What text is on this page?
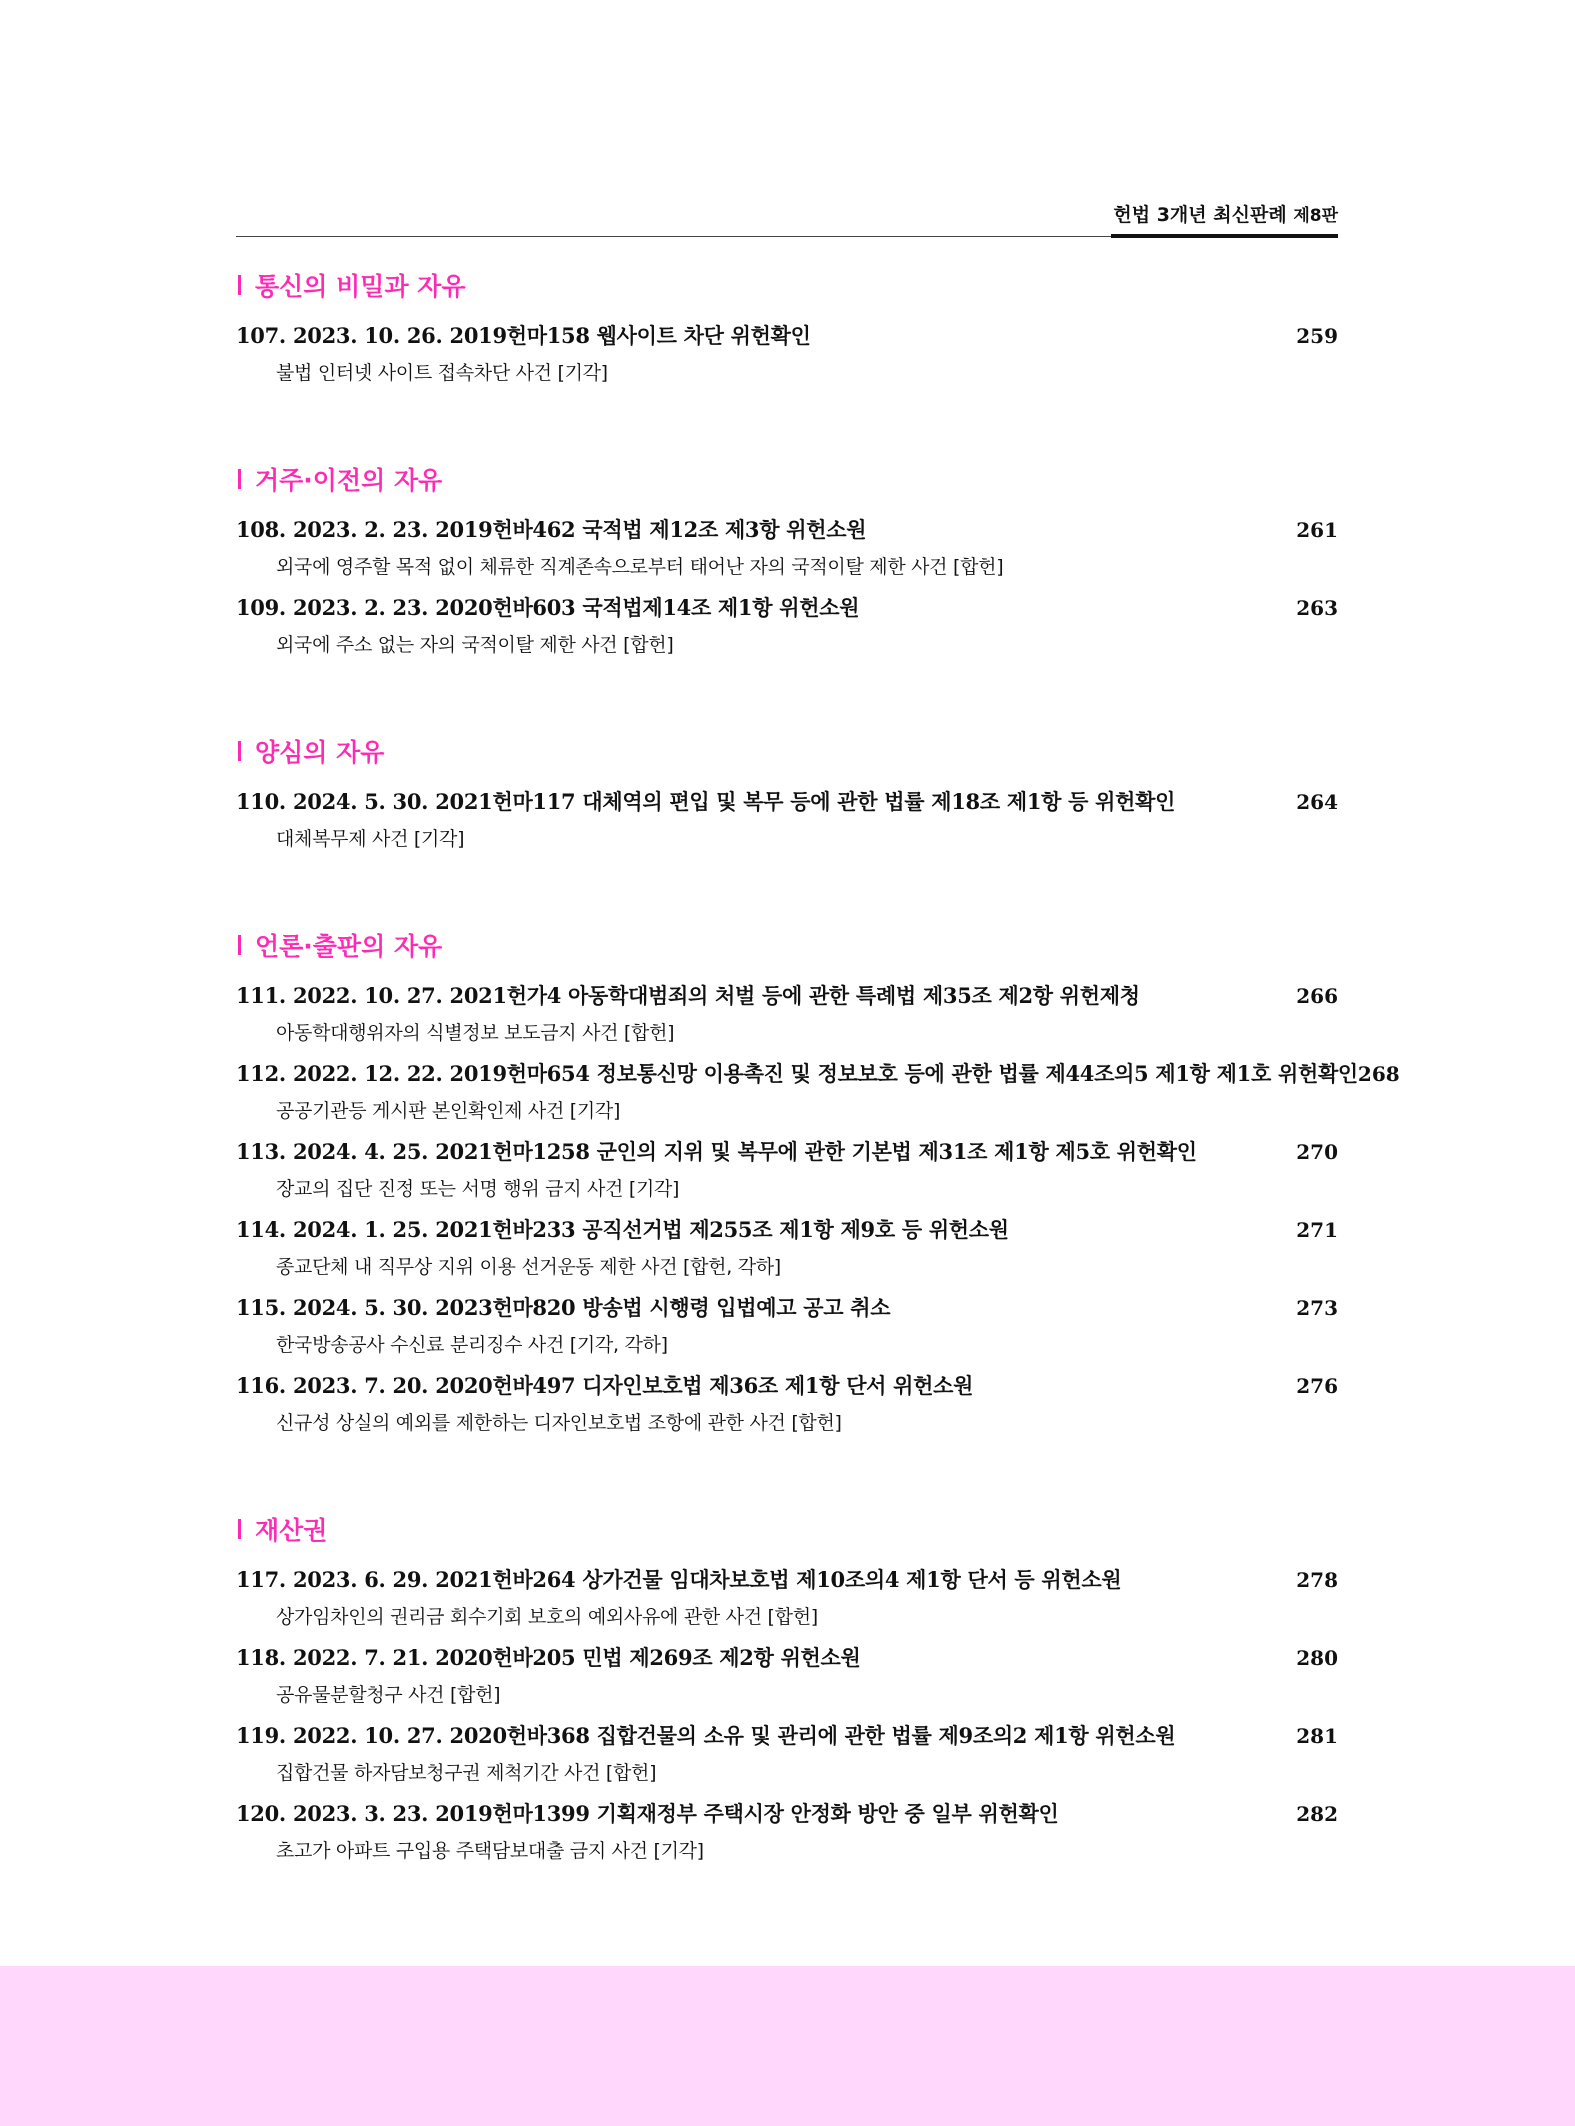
헌법 3개년 최신판례 제8판
통신의 비밀과 자유
107. 2023. 10. 26. 2019헌마158 웹사이트 차단 위헌확인	259
불법 인터넷 사이트 접속차단 사건 [기각]
거주·이전의 자유
108. 2023. 2. 23. 2019헌바462 국적법 제12조 제3항 위헌소원	261
외국에 영주할 목적 없이 체류한 직계존속으로부터 태어난 자의 국적이탈 제한 사건 [합헌]
109. 2023. 2. 23. 2020헌바603 국적법제14조 제1항 위헌소원	263
외국에 주소 없는 자의 국적이탈 제한 사건 [합헌]
양심의 자유
110. 2024. 5. 30. 2021헌마117 대체역의 편입 및 복무 등에 관한 법률 제18조 제1항 등 위헌확인	264
대체복무제 사건 [기각]
언론·출판의 자유
111. 2022. 10. 27. 2021헌가4 아동학대범죄의 처벌 등에 관한 특례법 제35조 제2항 위헌제청	266
아동학대행위자의 식별정보 보도금지 사건 [합헌]
112. 2022. 12. 22. 2019헌마654 정보통신망 이용촉진 및 정보보호 등에 관한 법률 제44조의5 제1항 제1호 위헌확인 268
공공기관등 게시판 본인확인제 사건 [기각]
113. 2024. 4. 25. 2021헌마1258 군인의 지위 및 복무에 관한 기본법 제31조 제1항 제5호 위헌확인	270
장교의 집단 진정 또는 서명 행위 금지 사건 [기각]
114. 2024. 1. 25. 2021헌바233 공직선거법 제255조 제1항 제9호 등 위헌소원	271
종교단체 내 직무상 지위 이용 선거운동 제한 사건 [합헌, 각하]
115. 2024. 5. 30. 2023헌마820 방송법 시행령 입법예고 공고 취소	273
한국방송공사 수신료 분리징수 사건 [기각, 각하]
116. 2023. 7. 20. 2020헌바497 디자인보호법 제36조 제1항 단서 위헌소원	276
신규성 상실의 예외를 제한하는 디자인보호법 조항에 관한 사건 [합헌]
재산권
117. 2023. 6. 29. 2021헌바264 상가건물 임대차보호법 제10조의4 제1항 단서 등 위헌소원	278
상가임차인의 권리금 회수기회 보호의 예외사유에 관한 사건 [합헌]
118. 2022. 7. 21. 2020헌바205 민법 제269조 제2항 위헌소원	280
공유물분할청구 사건 [합헌]
119. 2022. 10. 27. 2020헌바368 집합건물의 소유 및 관리에 관한 법률 제9조의2 제1항 위헌소원	281
집합건물 하자담보청구권 제척기간 사건 [합헌]
120. 2023. 3. 23. 2019헌마1399 기획재정부 주택시장 안정화 방안 중 일부 위헌확인	282
초고가 아파트 구입용 주택담보대출 금지 사건 [기각]
